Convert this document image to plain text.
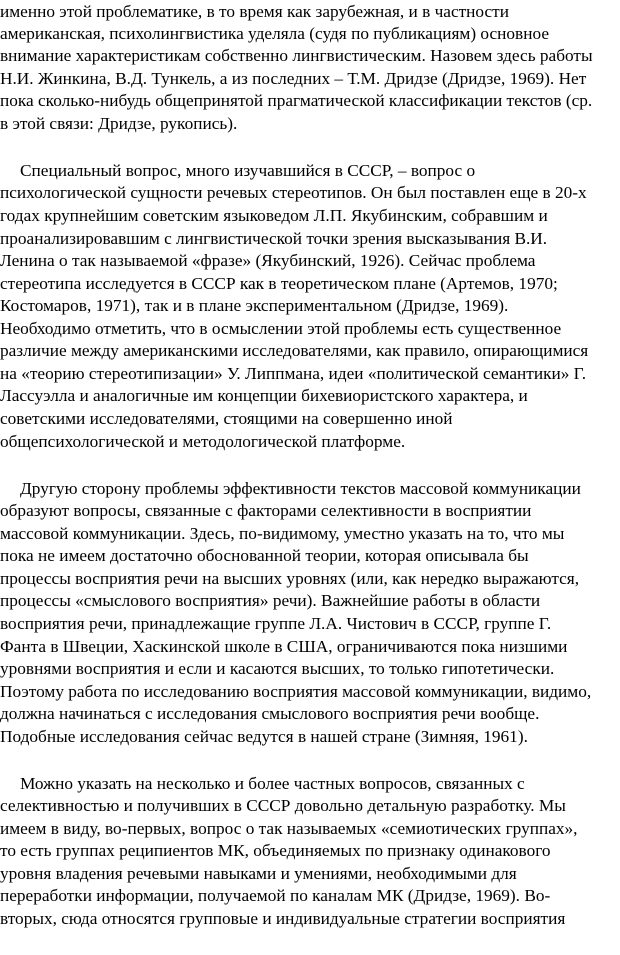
именно этой проблематике, в то время как зарубежная, и в частности
американская, психолингвистика уделяла (судя по публикациям) основное
внимание характеристикам собственно лингвистическим. Назовем здесь работы
Н.И. Жинкина, В.Д. Тункель, а из последних – Т.М. Дридзе (Дридзе, 1969). Нет
пока сколько-нибудь общепринятой прагматической классификации текстов (ср.
в этой связи: Дридзе, рукопись).
Специальный вопрос, много изучавшийся в СССР, – вопрос о
психологической сущности речевых стереотипов. Он был поставлен еще в 20-х
годах крупнейшим советским языковедом Л.П. Якубинским, собравшим и
проанализировавшим с лингвистической точки зрения высказывания В.И.
Ленина о так называемой «фразе» (Якубинский, 1926). Сейчас проблема
стереотипа исследуется в СССР как в теоретическом плане (Артемов, 1970;
Костомаров, 1971), так и в плане экспериментальном (Дридзе, 1969).
Необходимо отметить, что в осмыслении этой проблемы есть существенное
различие между американскими исследователями, как правило, опирающимися
на «теорию стереотипизации» У. Липпмана, идеи «политической семантики» Г.
Лассуэлла и аналогичные им концепции бихевиористского характера, и
советскими исследователями, стоящими на совершенно иной
общепсихологической и методологической платформе.
Другую сторону проблемы эффективности текстов массовой коммуникации
образуют вопросы, связанные с факторами селективности в восприятии
массовой коммуникации. Здесь, по-видимому, уместно указать на то, что мы
пока не имеем достаточно обоснованной теории, которая описывала бы
процессы восприятия речи на высших уровнях (или, как нередко выражаются,
процессы «смыслового восприятия» речи). Важнейшие работы в области
восприятия речи, принадлежащие группе Л.А. Чистович в СССР, группе Г.
Фанта в Швеции, Хаскинской школе в США, ограничиваются пока низшими
уровнями восприятия и если и касаются высших, то только гипотетически.
Поэтому работа по исследованию восприятия массовой коммуникации, видимо,
должна начинаться с исследования смыслового восприятия речи вообще.
Подобные исследования сейчас ведутся в нашей стране (Зимняя, 1961).
Можно указать на несколько и более частных вопросов, связанных с
селективностью и получивших в СССР довольно детальную разработку. Мы
имеем в виду, во-первых, вопрос о так называемых «семиотических группах»,
то есть группах реципиентов МК, объединяемых по признаку одинакового
уровня владения речевыми навыками и умениями, необходимыми для
переработки информации, получаемой по каналам МК (Дридзе, 1969). Во-
вторых, сюда относятся групповые и индивидуальные стратегии восприятия
